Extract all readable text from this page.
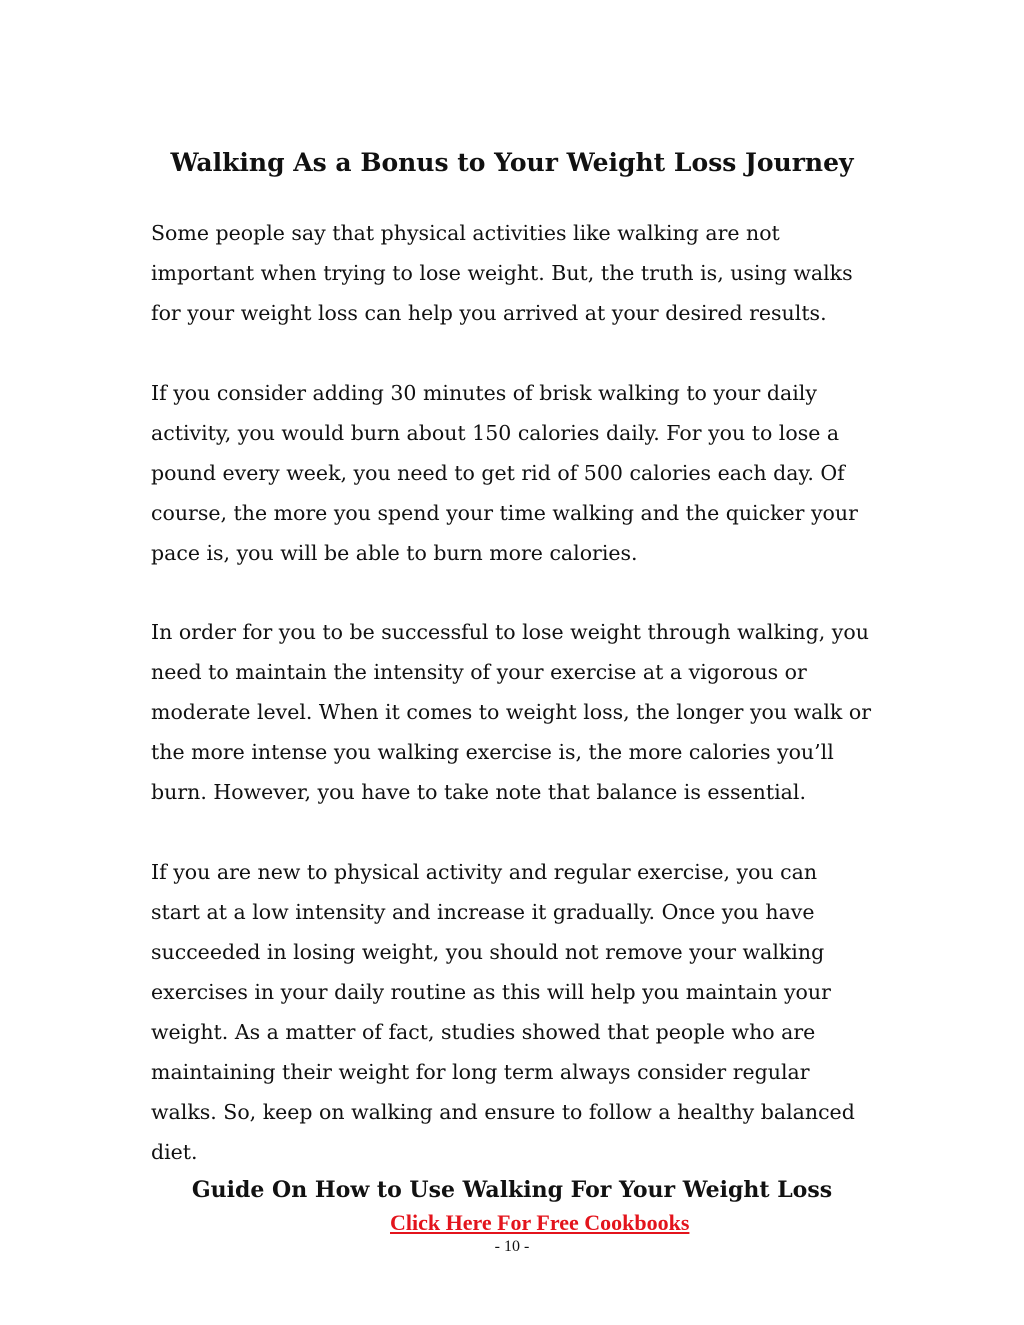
Walking As a Bonus to Your Weight Loss Journey

Some people say that physical activities like walking are not important when trying to lose weight. But, the truth is, using walks for your weight loss can help you arrived at your desired results.

If you consider adding 30 minutes of brisk walking to your daily activity, you would burn about 150 calories daily. For you to lose a pound every week, you need to get rid of 500 calories each day. Of course, the more you spend your time walking and the quicker your pace is, you will be able to burn more calories.

In order for you to be successful to lose weight through walking, you need to maintain the intensity of your exercise at a vigorous or moderate level. When it comes to weight loss, the longer you walk or the more intense you walking exercise is, the more calories you’ll burn. However, you have to take note that balance is essential.

If you are new to physical activity and regular exercise, you can start at a low intensity and increase it gradually. Once you have succeeded in losing weight, you should not remove your walking exercises in your daily routine as this will help you maintain your weight. As a matter of fact, studies showed that people who are maintaining their weight for long term always consider regular walks. So, keep on walking and ensure to follow a healthy balanced diet.

Guide On How to Use Walking For Your Weight Loss
Click Here For Free Cookbooks

- 10 -
